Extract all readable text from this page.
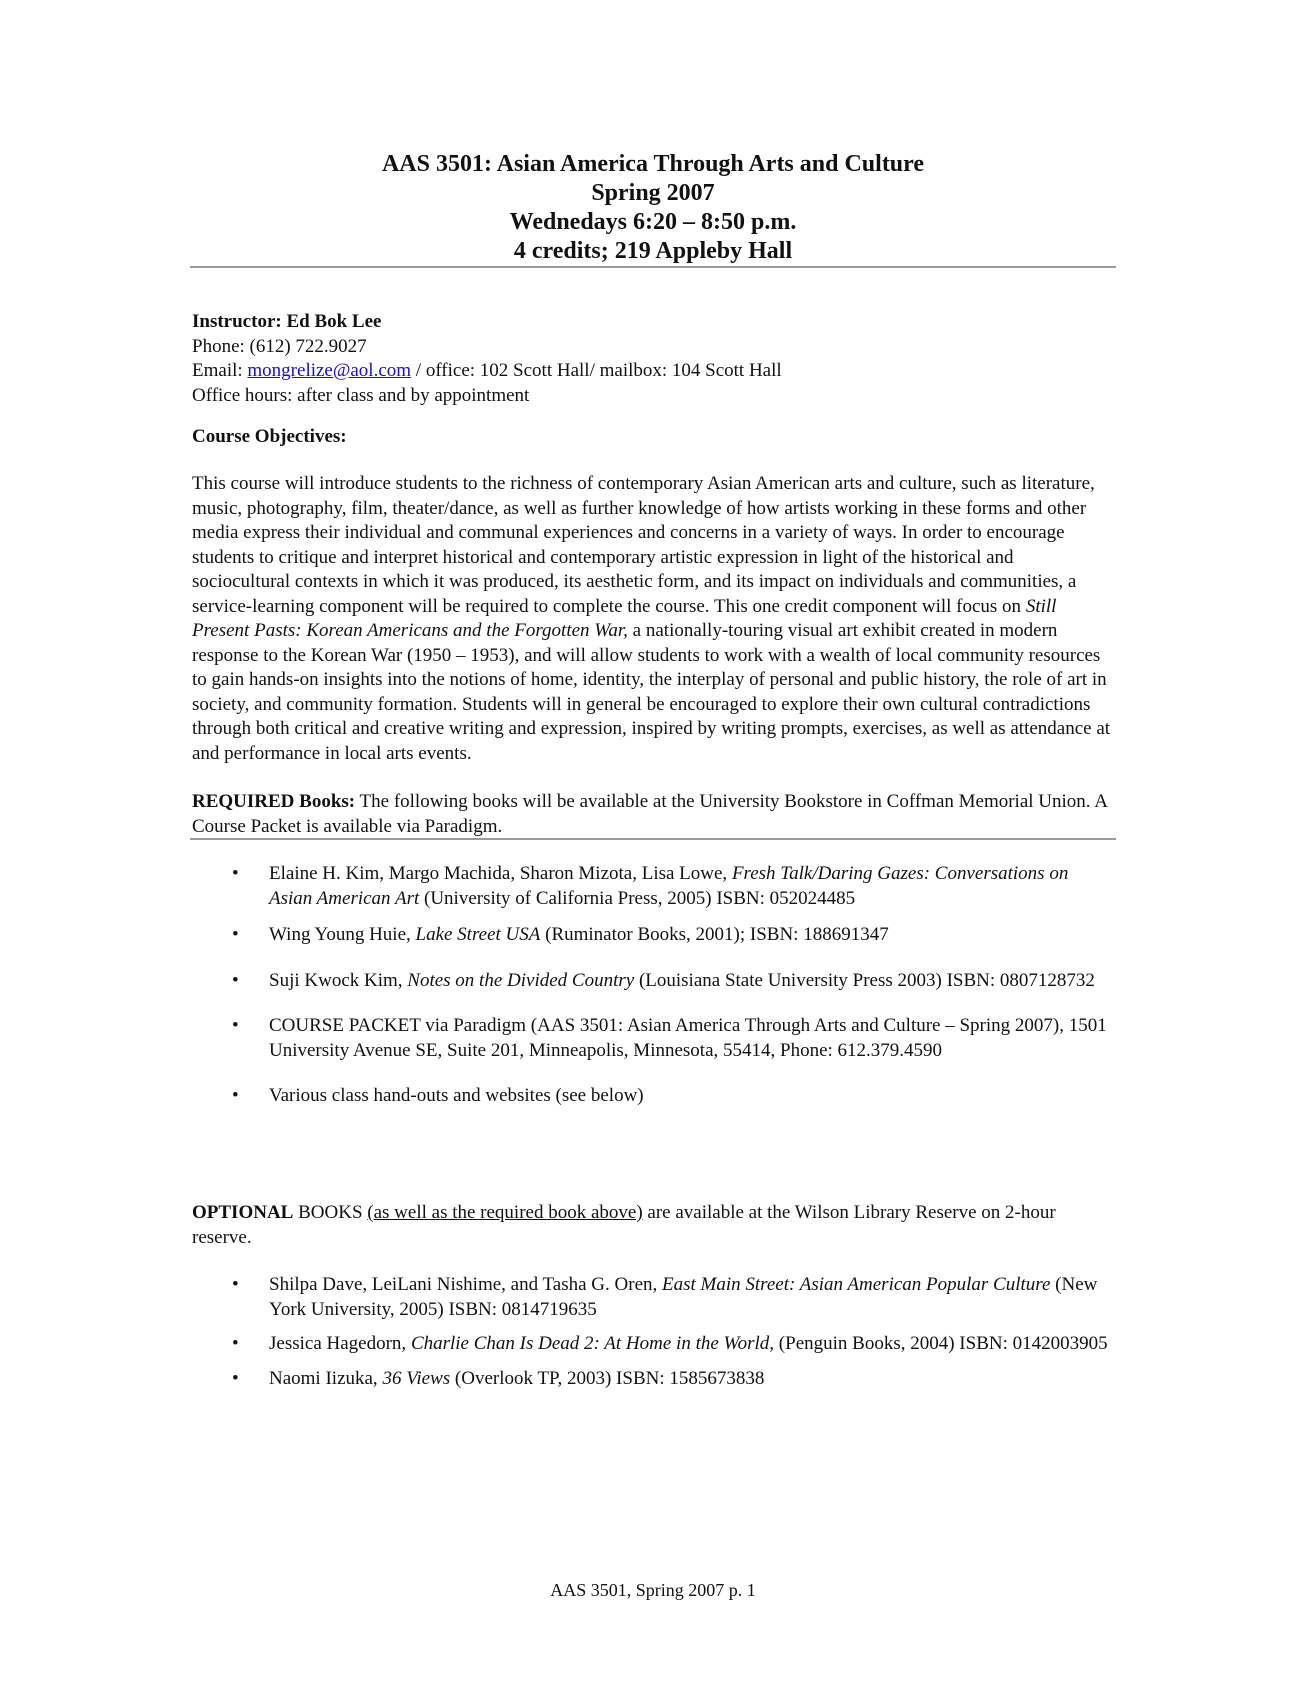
AAS 3501: Asian America Through Arts and Culture
Spring 2007
Wednedays 6:20 – 8:50 p.m.
4 credits; 219 Appleby Hall
Instructor: Ed Bok Lee
Phone: (612) 722.9027
Email: mongrelize@aol.com / office: 102 Scott Hall/ mailbox: 104 Scott Hall
Office hours: after class and by appointment
Course Objectives:
This course will introduce students to the richness of contemporary Asian American arts and culture, such as literature, music, photography, film, theater/dance, as well as further knowledge of how artists working in these forms and other media express their individual and communal experiences and concerns in a variety of ways. In order to encourage students to critique and interpret historical and contemporary artistic expression in light of the historical and sociocultural contexts in which it was produced, its aesthetic form, and its impact on individuals and communities, a service-learning component will be required to complete the course. This one credit component will focus on Still Present Pasts: Korean Americans and the Forgotten War, a nationally-touring visual art exhibit created in modern response to the Korean War (1950 – 1953), and will allow students to work with a wealth of local community resources to gain hands-on insights into the notions of home, identity, the interplay of personal and public history, the role of art in society, and community formation. Students will in general be encouraged to explore their own cultural contradictions through both critical and creative writing and expression, inspired by writing prompts, exercises, as well as attendance at and performance in local arts events.
REQUIRED Books: The following books will be available at the University Bookstore in Coffman Memorial Union. A Course Packet is available via Paradigm.
• Elaine H. Kim, Margo Machida, Sharon Mizota, Lisa Lowe, Fresh Talk/Daring Gazes: Conversations on Asian American Art (University of California Press, 2005) ISBN: 052024485
• Wing Young Huie, Lake Street USA (Ruminator Books, 2001); ISBN: 188691347
• Suji Kwock Kim, Notes on the Divided Country (Louisiana State University Press 2003) ISBN: 0807128732
• COURSE PACKET via Paradigm (AAS 3501: Asian America Through Arts and Culture – Spring 2007), 1501 University Avenue SE, Suite 201, Minneapolis, Minnesota, 55414, Phone: 612.379.4590
• Various class hand-outs and websites (see below)
OPTIONAL BOOKS (as well as the required book above) are available at the Wilson Library Reserve on 2-hour reserve.
• Shilpa Dave, LeiLani Nishime, and Tasha G. Oren, East Main Street: Asian American Popular Culture (New York University, 2005) ISBN: 0814719635
• Jessica Hagedorn, Charlie Chan Is Dead 2: At Home in the World, (Penguin Books, 2004) ISBN: 0142003905
• Naomi Iizuka, 36 Views (Overlook TP, 2003) ISBN: 1585673838
AAS 3501, Spring 2007 p. 1
